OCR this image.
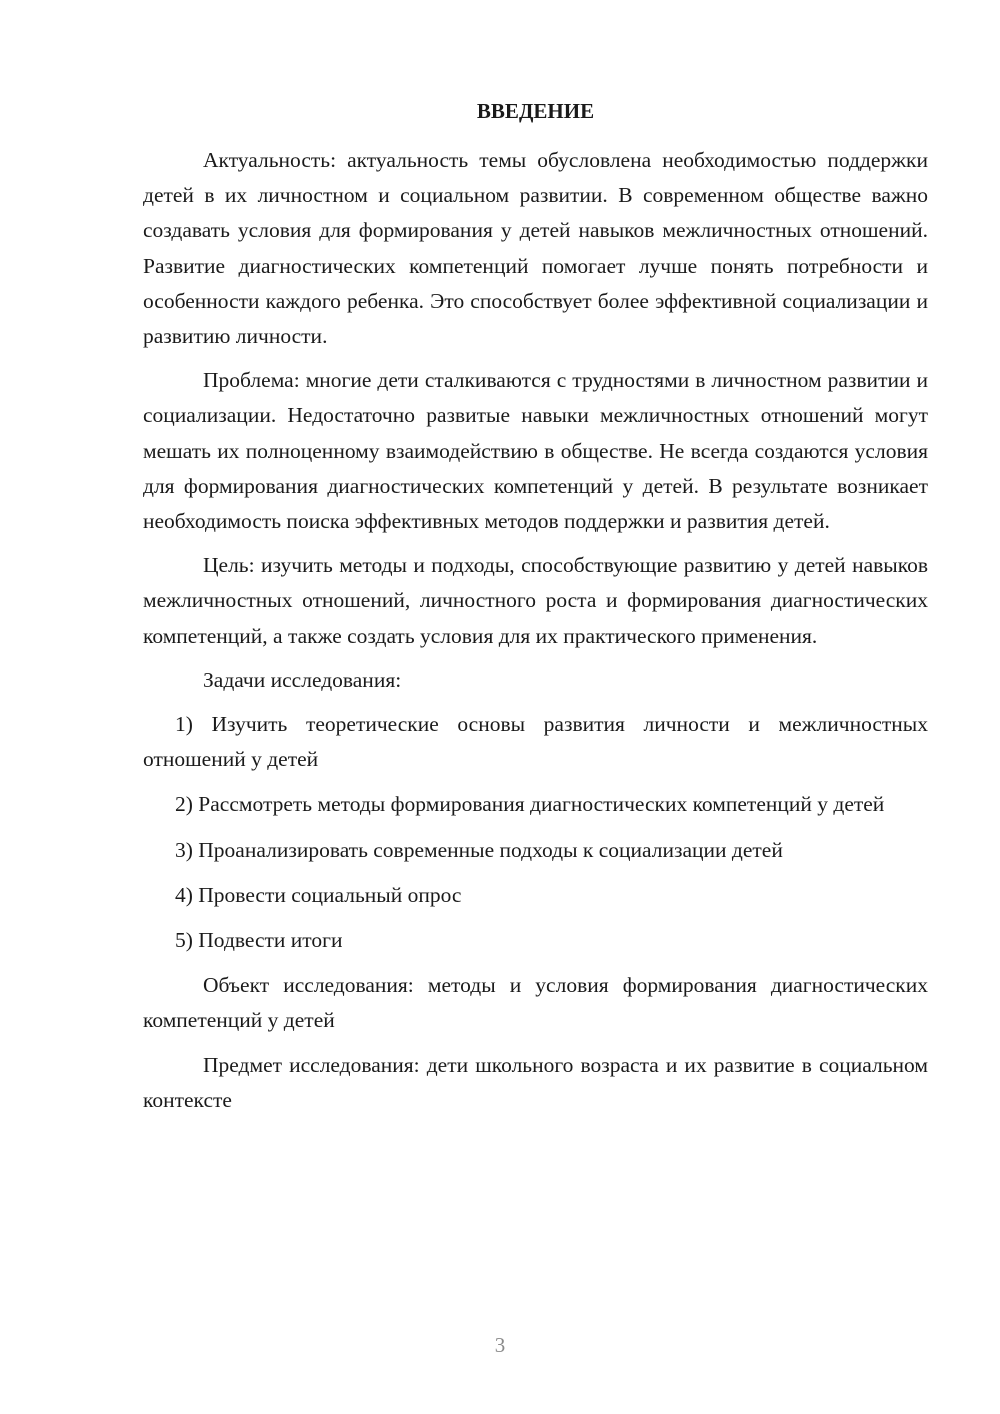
ВВЕДЕНИЕ

Актуальность: актуальность темы обусловлена необходимостью поддержки детей в их личностном и социальном развитии. В современном обществе важно создавать условия для формирования у детей навыков межличностных отношений. Развитие диагностических компетенций помогает лучше понять потребности и особенности каждого ребенка. Это способствует более эффективной социализации и развитию личности.

Проблема: многие дети сталкиваются с трудностями в личностном развитии и социализации. Недостаточно развитые навыки межличностных отношений могут мешать их полноценному взаимодействию в обществе. Не всегда создаются условия для формирования диагностических компетенций у детей. В результате возникает необходимость поиска эффективных методов поддержки и развития детей.

Цель: изучить методы и подходы, способствующие развитию у детей навыков межличностных отношений, личностного роста и формирования диагностических компетенций, а также создать условия для их практического применения.

Задачи исследования:

1) Изучить теоретические основы развития личности и межличностных отношений у детей

2) Рассмотреть методы формирования диагностических компетенций у детей

3) Проанализировать современные подходы к социализации детей

4) Провести социальный опрос

5) Подвести итоги

Объект исследования: методы и условия формирования диагностических компетенций у детей

Предмет исследования: дети школьного возраста и их развитие в социальном контексте

3
